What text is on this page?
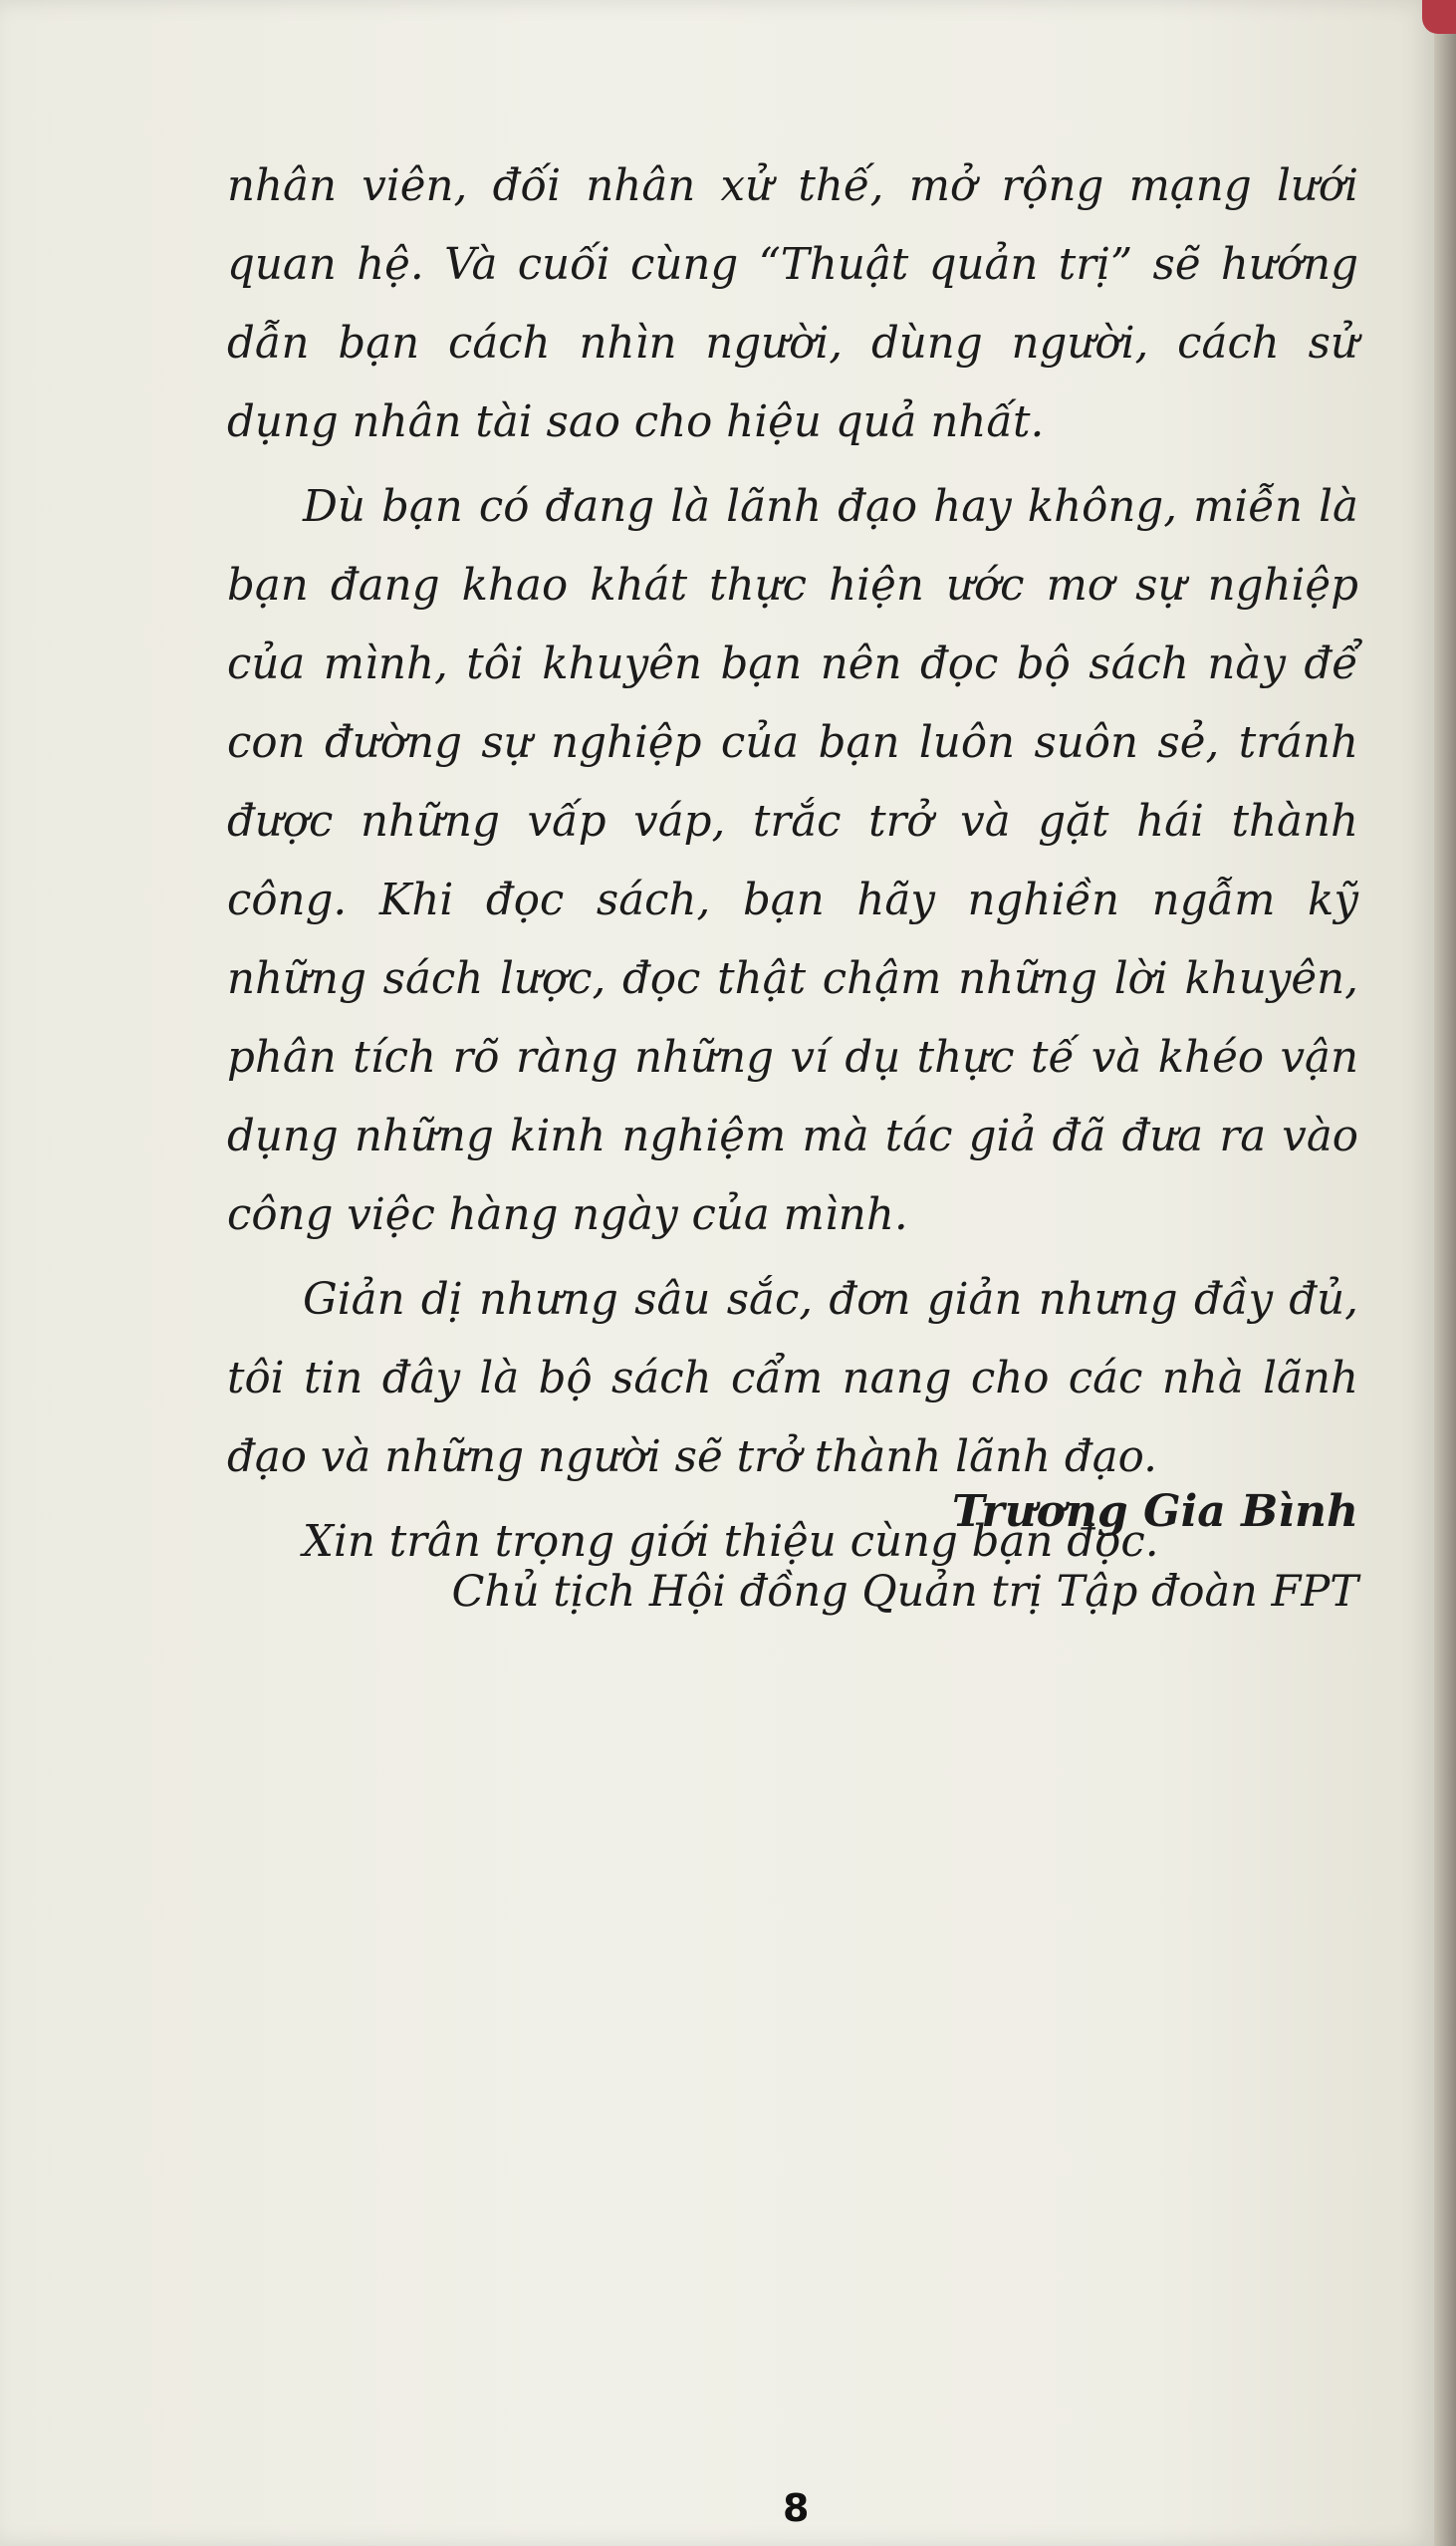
nhân viên, đối nhân xử thế, mở rộng mạng lưới quan hệ. Và cuối cùng “Thuật quản trị” sẽ hướng dẫn bạn cách nhìn người, dùng người, cách sử dụng nhân tài sao cho hiệu quả nhất.

Dù bạn có đang là lãnh đạo hay không, miễn là bạn đang khao khát thực hiện ước mơ sự nghiệp của mình, tôi khuyên bạn nên đọc bộ sách này để con đường sự nghiệp của bạn luôn suôn sẻ, tránh được những vấp váp, trắc trở và gặt hái thành công. Khi đọc sách, bạn hãy nghiền ngẫm kỹ những sách lược, đọc thật chậm những lời khuyên, phân tích rõ ràng những ví dụ thực tế và khéo vận dụng những kinh nghiệm mà tác giả đã đưa ra vào công việc hàng ngày của mình.

Giản dị nhưng sâu sắc, đơn giản nhưng đầy đủ, tôi tin đây là bộ sách cẩm nang cho các nhà lãnh đạo và những người sẽ trở thành lãnh đạo.

Xin trân trọng giới thiệu cùng bạn đọc.

Trương Gia Bình
Chủ tịch Hội đồng Quản trị Tập đoàn FPT
8
